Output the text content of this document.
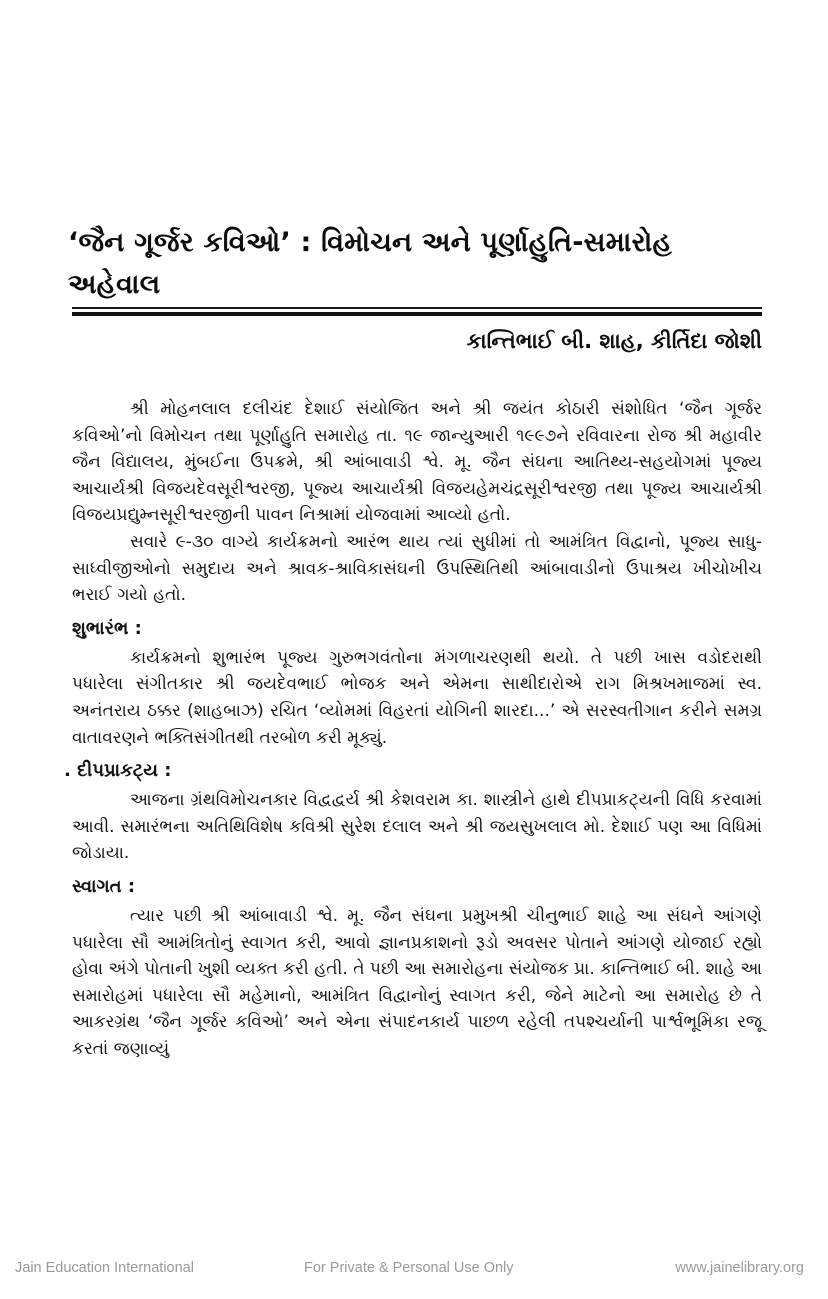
‘જૈન ગૂર્જર કવિઓ’ : વિમોચન અને પૂર્ણાહુતિ-સમારોહ
અહેવાલ
કાન્તિભાઈ બી. શાહ, કીર્તિદા જોશી

શ્રી મોહનલાલ દલીચંદ દેશાઈ સંયોજિત અને શ્રી જયંત કોઠારી સંશોધિત ‘જૈન ગૂર્જર કવિઓ’નો વિમોચન તથા પૂર્ણાહુતિ સમારોહ તા. ૧૯ જાન્યુઆરી ૧૯૯૭ને રવિવારના રોજ શ્રી મહાવીર જૈન વિદ્યાલય, મુંબઈના ઉપક્રમે, શ્રી આંબાવાડી શ્વે. મૂ. જૈન સંઘના આતિથ્ય-સહયોગમાં પૂજ્ય આચાર્યશ્રી વિજયદેવસૂરીશ્વરજી, પૂજ્ય આચાર્યશ્રી વિજયહેમચંદ્રસૂરીશ્વરજી તથા પૂજ્ય આચાર્યશ્રી વિજયપ્રદ્યુમ્નસૂરીશ્વરજીની પાવન નિશ્રામાં યોજવામાં આવ્યો હતો.

સવારે ૯-૩૦ વાગ્યે કાર્યક્રમનો આરંભ થાય ત્યાં સુધીમાં તો આમંત્રિત વિદ્વાનો, પૂજ્ય સાધુ-સાધ્વીજીઓનો સમુદાય અને શ્રાવક-શ્રાવિકાસંઘની ઉપસ્થિતિથી આંબાવાડીનો ઉપાશ્રય ખીચોખીચ ભરાઈ ગયો હતો.

શુભારંભ :

કાર્યક્રમનો શુભારંભ પૂજ્ય ગુરુભગવંતોના મંગળાચરણથી થયો. તે પછી ખાસ વડોદરાથી પધારેલા સંગીતકાર શ્રી જયદેવભાઈ ભોજક અને એમના સાથીદારોએ રાગ મિશ્રખમાજમાં સ્વ. અનંતરાય ઠક્કર (શાહબાઝ) રચિત ‘વ્યોમમાં વિહરતાં યોગિની શારદા...’ એ સરસ્વતીગાન કરીને સમગ્ર વાતાવરણને ભક્તિસંગીતથી તરબોળ કરી મૂક્યું.

. દીપપ્રાકટ્ય :

આજના ગ્રંથવિમોચનકાર વિદ્વદ્વર્ય શ્રી કેશવરામ કા. શાસ્ત્રીને હાથે દીપપ્રાકટ્યની વિધિ કરવામાં આવી. સમારંભના અતિથિવિશેષ કવિશ્રી સુરેશ દલાલ અને શ્રી જયસુખલાલ મો. દેશાઈ પણ આ વિધિમાં જોડાયા.

સ્વાગત :

ત્યાર પછી શ્રી આંબાવાડી શ્વે. મૂ. જૈન સંઘના પ્રમુખશ્રી ચીનુભાઈ શાહે આ સંઘને આંગણે પધારેલા સૌ આમંત્રિતોનું સ્વાગત કરી, આવો જ્ઞાનપ્રકાશનો રૂડો અવસર પોતાને આંગણે યોજાઈ રહ્યો હોવા અંગે પોતાની ખુશી વ્યક્ત કરી હતી. તે પછી આ સમારોહના સંયોજક પ્રા. કાન્તિભાઈ બી. શાહે આ સમારોહમાં પધારેલા સૌ મહેમાનો, આમંત્રિત વિદ્વાનોનું સ્વાગત કરી, જેને માટેનો આ સમારોહ છે તે આકરગ્રંથ ‘જૈન ગૂર્જર કવિઓ’ અને એના સંપાદનકાર્ય પાછળ રહેલી તપશ્ચર્યાની પાર્શ્વભૂમિકા રજૂ કરતાં જણાવ્યું

Jain Education International	For Private & Personal Use Only	www.jainelibrary.org
